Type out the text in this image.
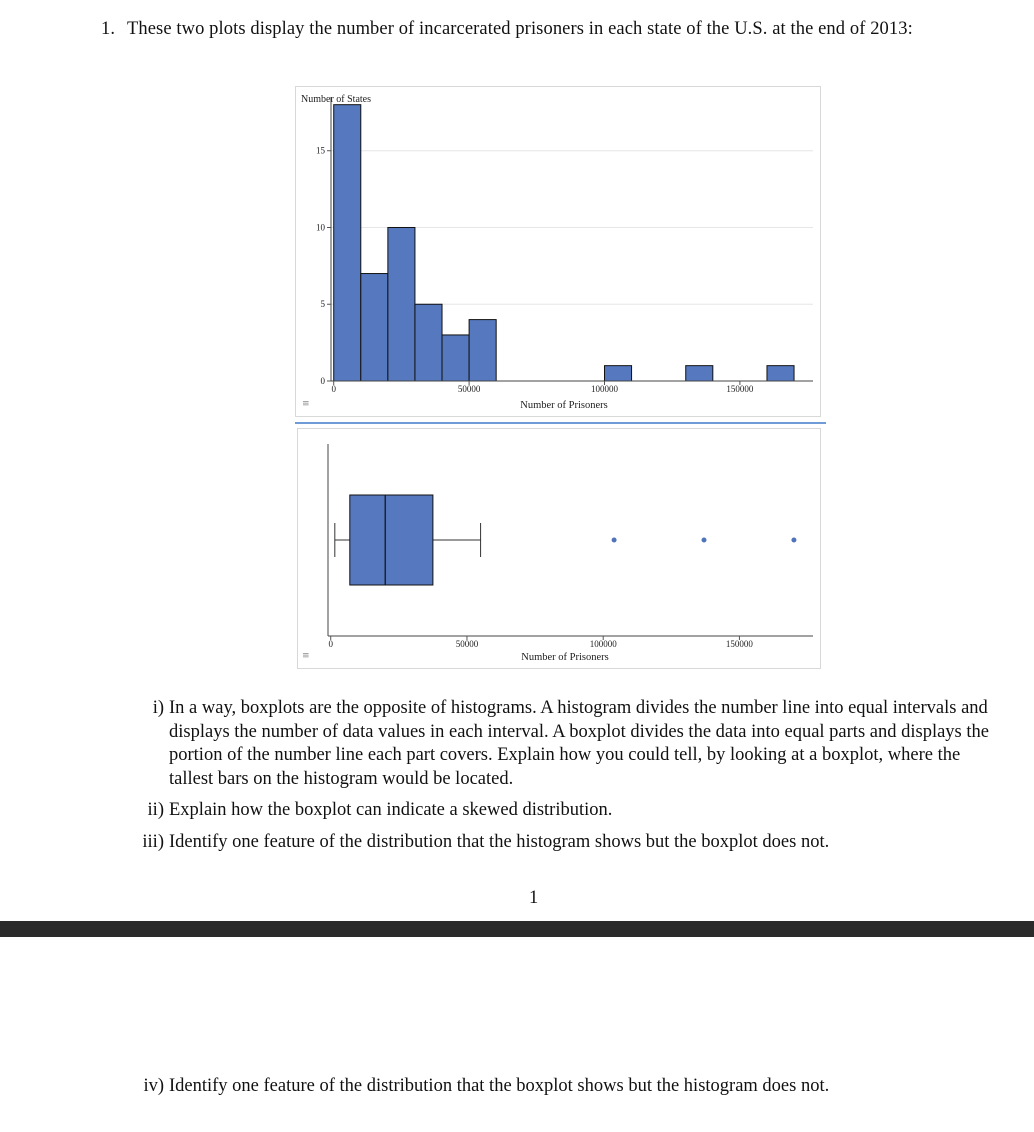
1. These two plots display the number of incarcerated prisoners in each state of the U.S. at the end of 2013:
Number of States
0
5
10
15
0	50000	100000	150000
Number of Prisoners
≡
0	50000	100000	150000
Number of Prisoners
≡
i) In a way, boxplots are the opposite of histograms. A histogram divides the number line into equal intervals and displays the number of data values in each interval. A boxplot divides the data into equal parts and displays the portion of the number line each part covers. Explain how you could tell, by looking at a boxplot, where the tallest bars on the histogram would be located.
ii) Explain how the boxplot can indicate a skewed distribution.
iii) Identify one feature of the distribution that the histogram shows but the boxplot does not.
1
iv) Identify one feature of the distribution that the boxplot shows but the histogram does not.
